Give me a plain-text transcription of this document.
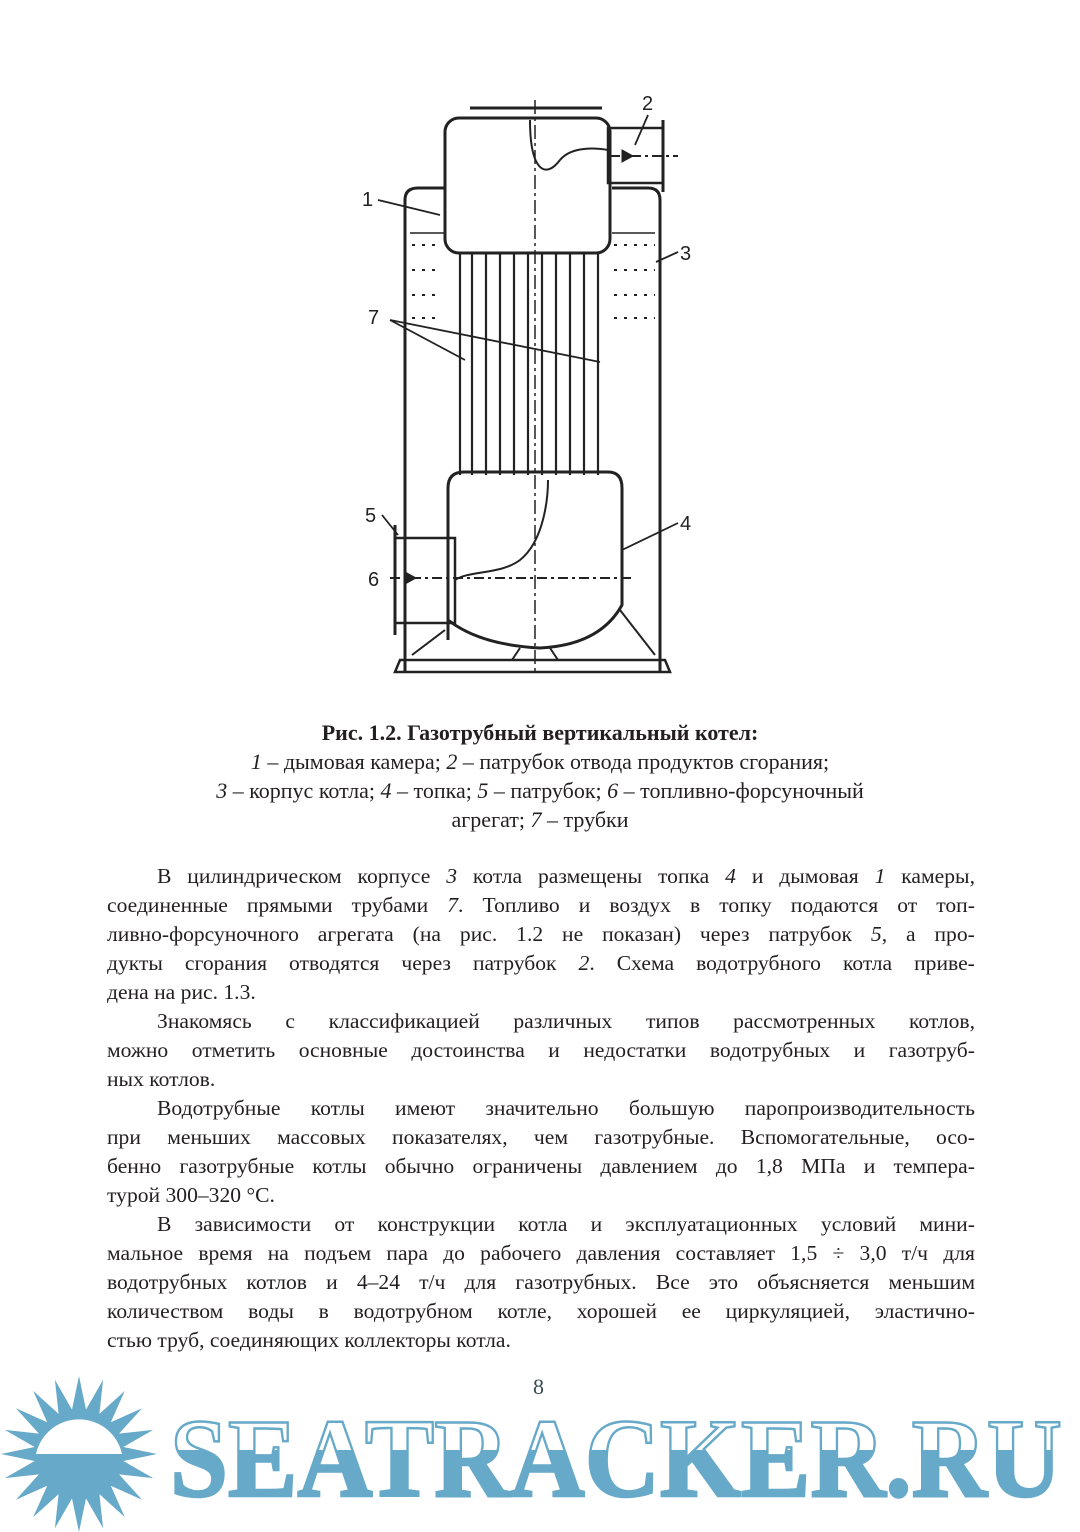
1
2
3
4
5
6
7
Рис. 1.2. Газотрубный вертикальный котел:
1 – дымовая камера; 2 – патрубок отвода продуктов сгорания;
3 – корпус котла; 4 – топка; 5 – патрубок; 6 – топливно-форсуночный
агрегат; 7 – трубки
В цилиндрическом корпусе 3 котла размещены топка 4 и дымовая 1 камеры,
соединенные прямыми трубами 7. Топливо и воздух в топку подаются от топ-
ливно-форсуночного агрегата (на рис. 1.2 не показан) через патрубок 5, а про-
дукты сгорания отводятся через патрубок 2. Схема водотрубного котла приве-
дена на рис. 1.3.
Знакомясь с классификацией различных типов рассмотренных котлов,
можно отметить основные достоинства и недостатки водотрубных и газотруб-
ных котлов.
Водотрубные котлы имеют значительно большую паропроизводительность
при меньших массовых показателях, чем газотрубные. Вспомогательные, осо-
бенно газотрубные котлы обычно ограничены давлением до 1,8 МПа и темпера-
турой 300–320 °С.
В зависимости от конструкции котла и эксплуатационных условий мини-
мальное время на подъем пара до рабочего давления составляет 1,5 ÷ 3,0 т/ч для
водотрубных котлов и 4–24 т/ч для газотрубных. Все это объясняется меньшим
количеством воды в водотрубном котле, хорошей ее циркуляцией, эластично-
стью труб, соединяющих коллекторы котла.
SEATRACKER.RU
8
